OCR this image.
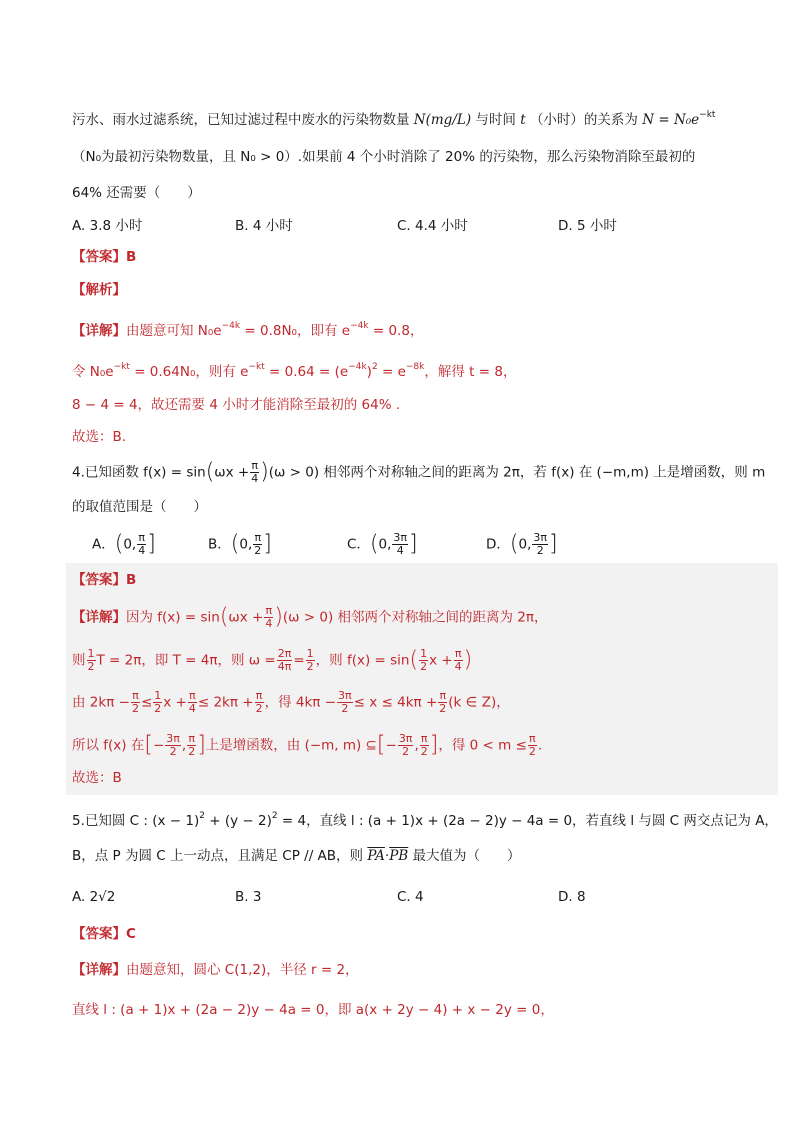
污水、雨水过滤系统，已知过滤过程中废水的污染物数量 N(mg/L) 与时间 t （小时）的关系为 $N = N_0e^{-kt}$
（N₀为最初污染物数量，且 N₀ > 0）.如果前 4 个小时消除了 20% 的污染物，那么污染物消除至最初的
64% 还需要（　　）
A. 3.8 小时	B. 4 小时	C. 4.4 小时	D. 5 小时
【答案】B
【解析】
【详解】由题意可知 $N_0e^{-4k} = 0.8N_0$，即有 $e^{-4k} = 0.8$，
令 $N_0e^{-kt} = 0.64N_0$，则有 $e^{-kt} = 0.64 = (e^{-4k})^2 = e^{-8k}$，解得 t = 8，
8 − 4 = 4，故还需要 4 小时才能消除至最初的 64% .
故选：B.
4.已知函数 $f(x) = \sin(\omega x + \frac{\pi}{4} )(\omega > 0)$ 相邻两个对称轴之间的距离为 2π，若 f(x) 在 (−m,m) 上是增函数，则 m
的取值范围是（　　）
A．(0, $\frac{\pi}{4}$ ]	B．(0, $\frac{\pi}{2}$ ]	C．(0, $\frac{3\pi}{4}$ ]	D．(0, $\frac{3\pi}{2}$ ]
【答案】B
【详解】因为 $f(x) = \sin(\omega x + \frac{\pi}{4} )(\omega > 0)$ 相邻两个对称轴之间的距离为 2π，
则 $\frac{1}{2}$ T = 2π，即 T = 4π，则 $\omega = \frac{2\pi}{4\pi} = \frac{1}{2}$ ，则 $f(x) = \sin( \frac{1}{2}$ $x + \frac{\pi}{4}$ )
由 $2k\pi - \frac{\pi}{2} \le \frac{1}{2}$ $x + \frac{\pi}{4} \le 2k\pi + \frac{\pi}{2}$ ，得 $4k\pi - \frac{3\pi}{2} \le x \le 4k\pi + \frac{\pi}{2} (k$ ∈ Z)，
所以 f(x) 在[− $\frac{3\pi}{2}$ , $\frac{\pi}{2}$ ]上是增函数，由 (−m, m) ⊆[− $\frac{3\pi}{2}$ , $\frac{\pi}{2}$ ]，得 $0 < m \le \frac{\pi}{2}$ .
故选：B
5.已知圆 C : $(x - 1)^2 + (y - 2)^2 = 4$，直线 l : (a + 1)x + (2a − 2)y − 4a = 0，若直线 l 与圆 C 两交点记为 A，
B，点 P 为圆 C 上一动点，且满足 CP // AB，则 $\overline{PA}\cdot\overline{PB}$ 最大值为（　　）
A. 2√2	B. 3	C. 4	D. 8
【答案】C
【详解】由题意知，圆心 C(1,2)，半径 r = 2，
直线 l : (a + 1)x + (2a − 2)y − 4a = 0，即 a(x + 2y − 4) + x − 2y = 0，
